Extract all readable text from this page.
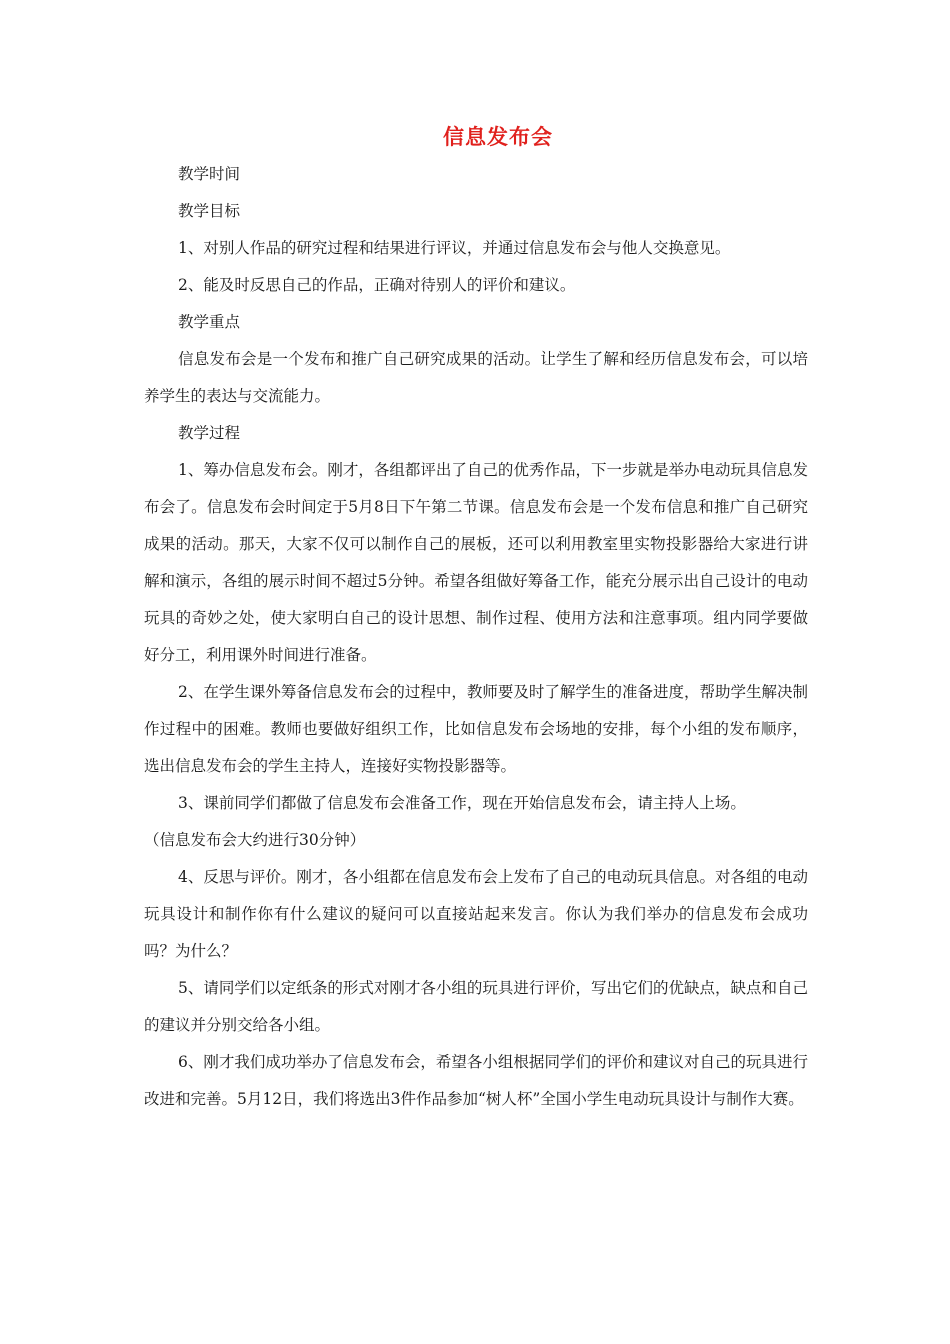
信息发布会

教学时间

教学目标

1、对别人作品的研究过程和结果进行评议，并通过信息发布会与他人交换意见。

2、能及时反思自己的作品，正确对待别人的评价和建议。

教学重点

信息发布会是一个发布和推广自己研究成果的活动。让学生了解和经历信息发布会，可以培养学生的表达与交流能力。

教学过程

1、筹办信息发布会。刚才，各组都评出了自己的优秀作品，下一步就是举办电动玩具信息发布会了。信息发布会时间定于5月8日下午第二节课。信息发布会是一个发布信息和推广自己研究成果的活动。那天，大家不仅可以制作自己的展板，还可以利用教室里实物投影器给大家进行讲解和演示，各组的展示时间不超过5分钟。希望各组做好筹备工作，能充分展示出自己设计的电动玩具的奇妙之处，使大家明白自己的设计思想、制作过程、使用方法和注意事项。组内同学要做好分工，利用课外时间进行准备。

2、在学生课外筹备信息发布会的过程中，教师要及时了解学生的准备进度，帮助学生解决制作过程中的困难。教师也要做好组织工作，比如信息发布会场地的安排，每个小组的发布顺序，选出信息发布会的学生主持人，连接好实物投影器等。

3、课前同学们都做了信息发布会准备工作，现在开始信息发布会，请主持人上场。

（信息发布会大约进行30分钟）

4、反思与评价。刚才，各小组都在信息发布会上发布了自己的电动玩具信息。对各组的电动玩具设计和制作你有什么建议的疑问可以直接站起来发言。你认为我们举办的信息发布会成功吗？为什么？

5、请同学们以定纸条的形式对刚才各小组的玩具进行评价，写出它们的优缺点，缺点和自己的建议并分别交给各小组。

6、刚才我们成功举办了信息发布会，希望各小组根据同学们的评价和建议对自己的玩具进行改进和完善。5月12日，我们将选出3件作品参加“树人杯”全国小学生电动玩具设计与制作大赛。
